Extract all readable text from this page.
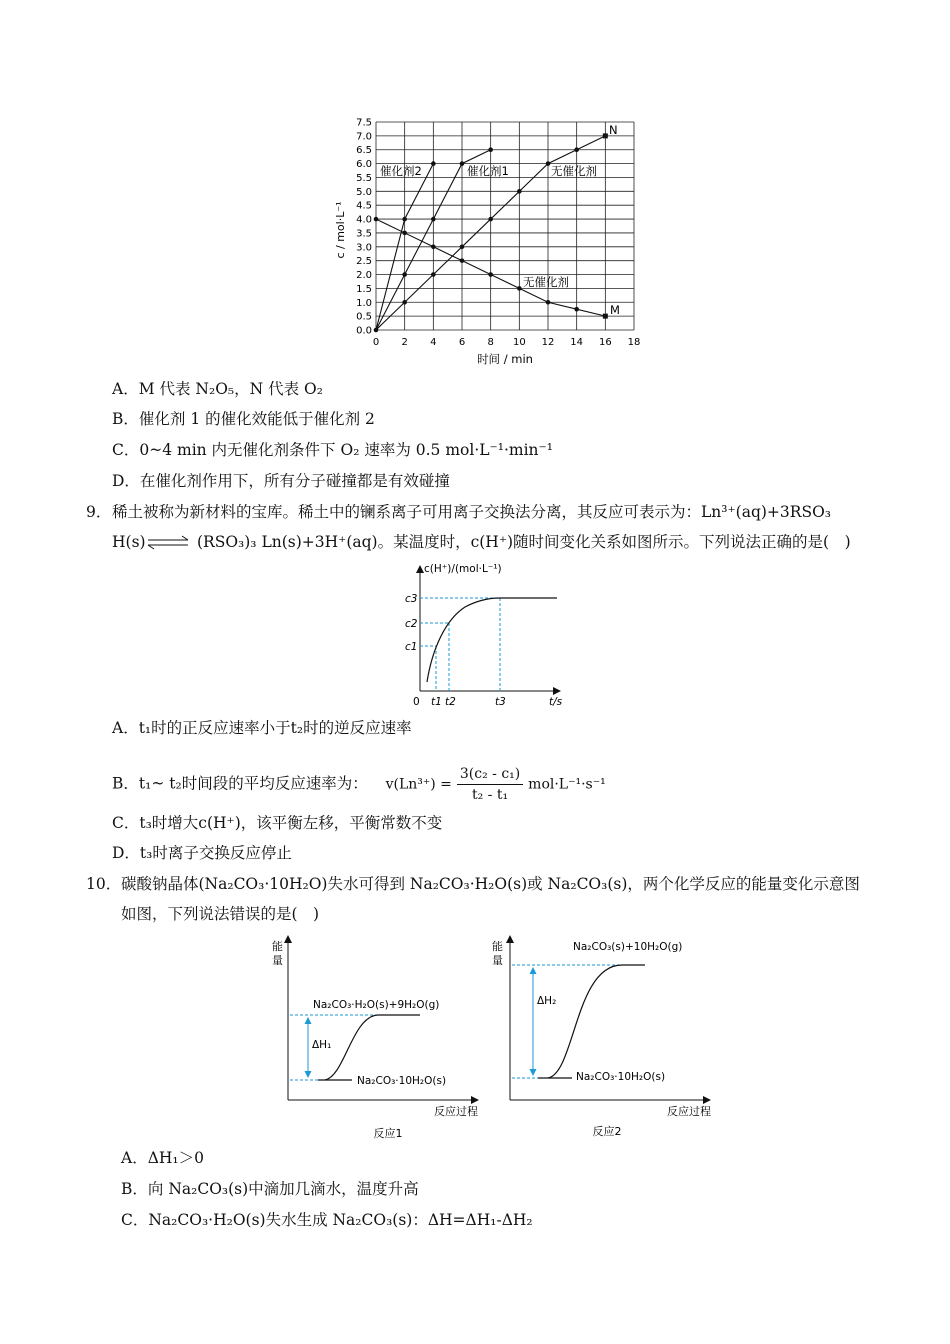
0.0
0.5
1.0
1.5
2.0
2.5
3.0
3.5
4.0
4.5
5.0
5.5
6.0
6.5
7.0
7.5
0 2 4 6 8 10 12 14 16 18
c / mol·L⁻¹
时间 / min
催化剂2	催化剂1	无催化剂
无催化剂
N
M
A．M 代表 N₂O₅，N 代表 O₂
B．催化剂 1 的催化效能低于催化剂 2
C．0~4 min 内无催化剂条件下 O₂ 速率为 0.5 mol·L⁻¹·min⁻¹
D．在催化剂作用下，所有分子碰撞都是有效碰撞
9． 稀土被称为新材料的宝库。稀土中的镧系离子可用离子交换法分离，其反应可表示为：Ln³⁺(aq)+3RSO₃
H(s) ⇌ (RSO₃)₃ Ln(s)+3H⁺(aq)。某温度时，c(H⁺)随时间变化关系如图所示。下列说法正确的是(　)
c(H⁺)/(mol·L⁻¹)
t/s
0
c3
c2
c1
t1 t2	t3
A．t₁时的正反应速率小于t₂时的逆反应速率
B．t₁~ t₂时间段的平均反应速率为： $v(Ln^{3+}) = \frac{\text{3(c₂ - c₁)}}{\text{t₂ - t₁}} mol\cdot L^{-1}\cdot s^{-1}$
C．t₃时增大c(H⁺)，该平衡左移，平衡常数不变
D．t₃时离子交换反应停止
10． 碳酸钠晶体(Na₂CO₃·10H₂O)失水可得到 Na₂CO₃·H₂O(s)或 Na₂CO₃(s)，两个化学反应的能量变化示意图
如图，下列说法错误的是(　)
能
量
Na₂CO₃·H₂O(s)+9H₂O(g)
Na₂CO₃·10H₂O(s)
ΔH₁
反应过程
反应1
能
量
Na₂CO₃(s)+10H₂O(g)
Na₂CO₃·10H₂O(s)
ΔH₂
反应过程
反应2
A．ΔH₁＞0
B．向 Na₂CO₃(s)中滴加几滴水，温度升高
C．Na₂CO₃·H₂O(s)失水生成 Na₂CO₃(s)：ΔH=ΔH₁-ΔH₂
